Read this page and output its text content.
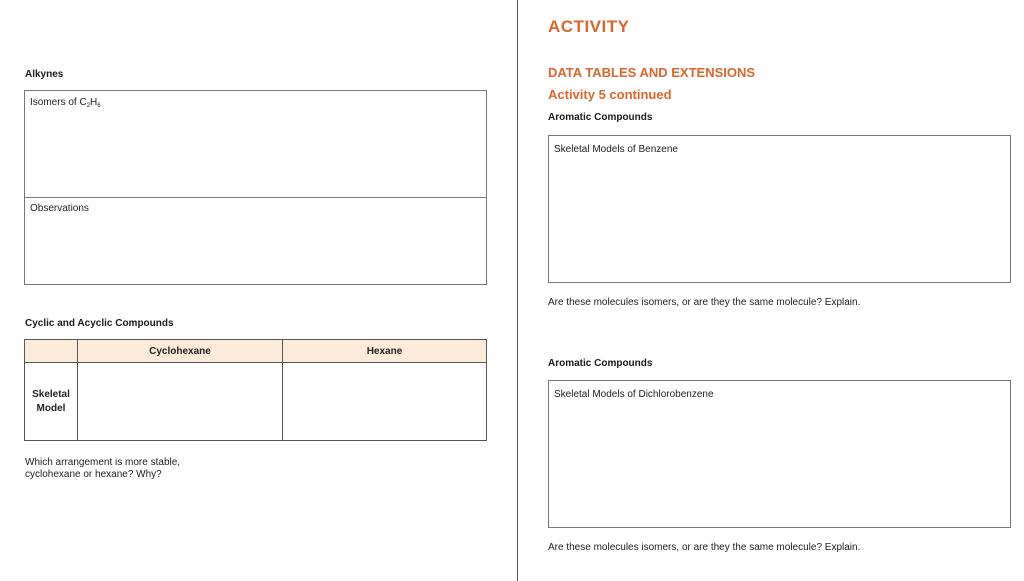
Alkynes
Isomers of $C_2H_6$
Observations
Cyclic and Acyclic Compounds
	Cyclohexane	Hexane

Skeletal
Model		

Which arrangement is more stable,
cyclohexane or hexane? Why?
ACTIVITY
DATA TABLES AND EXTENSIONS
Activity 5 continued
Aromatic Compounds
Skeletal Models of Benzene
Are these molecules isomers, or are they the same molecule? Explain.
Aromatic Compounds
Skeletal Models of Dichlorobenzene
Are these molecules isomers, or are they the same molecule? Explain.
